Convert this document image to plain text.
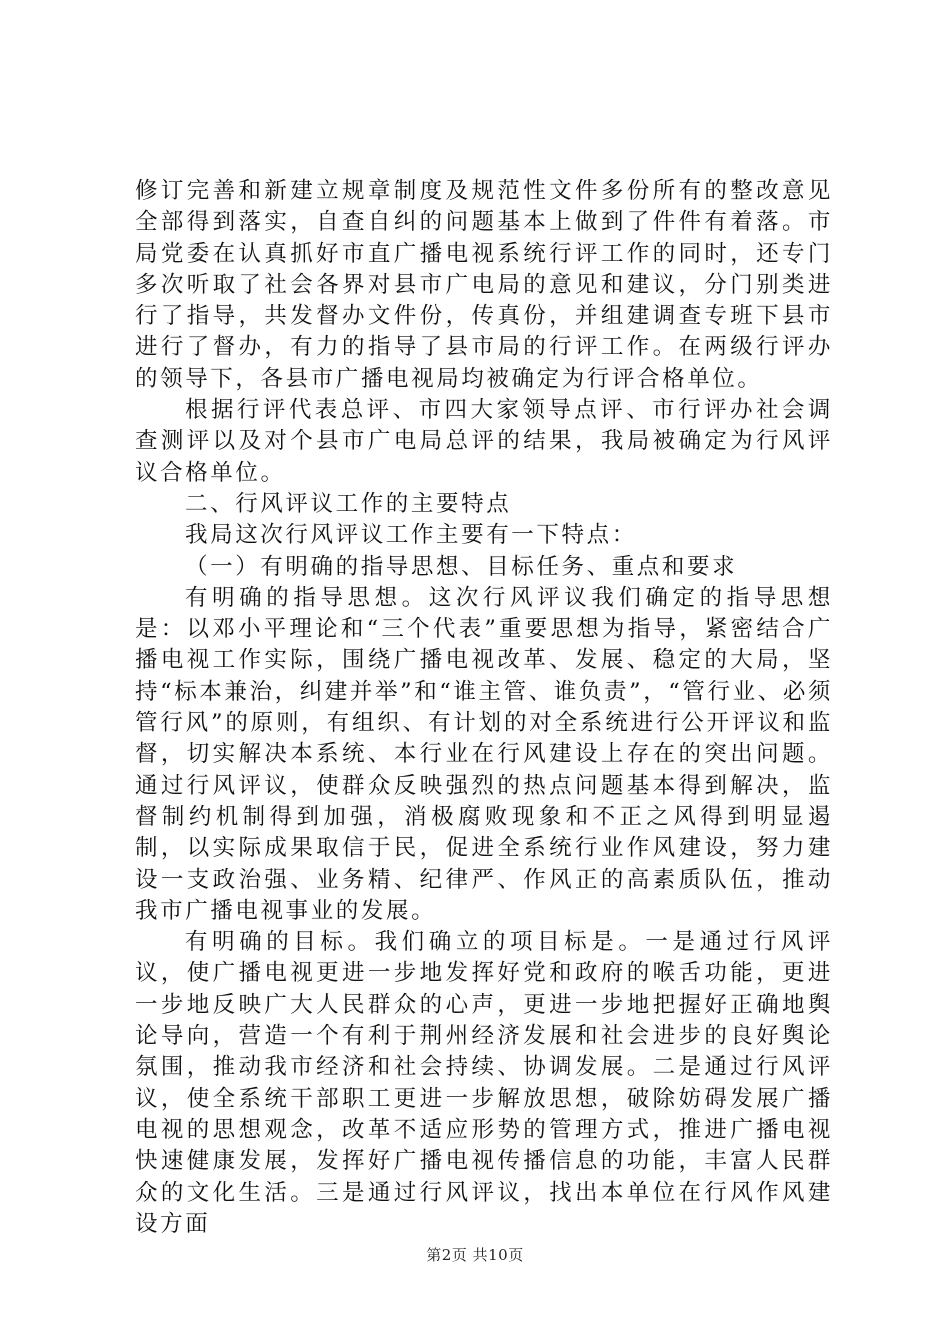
修订完善和新建立规章制度及规范性文件多份所有的整改意见全部得到落实，自查自纠的问题基本上做到了件件有着落。市局党委在认真抓好市直广播电视系统行评工作的同时，还专门多次听取了社会各界对县市广电局的意见和建议，分门别类进行了指导，共发督办文件份，传真份，并组建调查专班下县市进行了督办，有力的指导了县市局的行评工作。在两级行评办的领导下，各县市广播电视局均被确定为行评合格单位。

根据行评代表总评、市四大家领导点评、市行评办社会调查测评以及对个县市广电局总评的结果，我局被确定为行风评议合格单位。

二、行风评议工作的主要特点

我局这次行风评议工作主要有一下特点：

（一）有明确的指导思想、目标任务、重点和要求

有明确的指导思想。这次行风评议我们确定的指导思想是：以邓小平理论和“三个代表”重要思想为指导，紧密结合广播电视工作实际，围绕广播电视改革、发展、稳定的大局，坚持“标本兼治，纠建并举”和“谁主管、谁负责”，“管行业、必须管行风”的原则，有组织、有计划的对全系统进行公开评议和监督，切实解决本系统、本行业在行风建设上存在的突出问题。通过行风评议，使群众反映强烈的热点问题基本得到解决，监督制约机制得到加强，消极腐败现象和不正之风得到明显遏制，以实际成果取信于民，促进全系统行业作风建设，努力建设一支政治强、业务精、纪律严、作风正的高素质队伍，推动我市广播电视事业的发展。

有明确的目标。我们确立的项目标是。一是通过行风评议，使广播电视更进一步地发挥好党和政府的喉舌功能，更进一步地反映广大人民群众的心声，更进一步地把握好正确地舆论导向，营造一个有利于荆州经济发展和社会进步的良好舆论氛围，推动我市经济和社会持续、协调发展。二是通过行风评议，使全系统干部职工更进一步解放思想，破除妨碍发展广播电视的思想观念，改革不适应形势的管理方式，推进广播电视快速健康发展，发挥好广播电视传播信息的功能，丰富人民群众的文化生活。三是通过行风评议，找出本单位在行风作风建设方面

第2页 共10页
